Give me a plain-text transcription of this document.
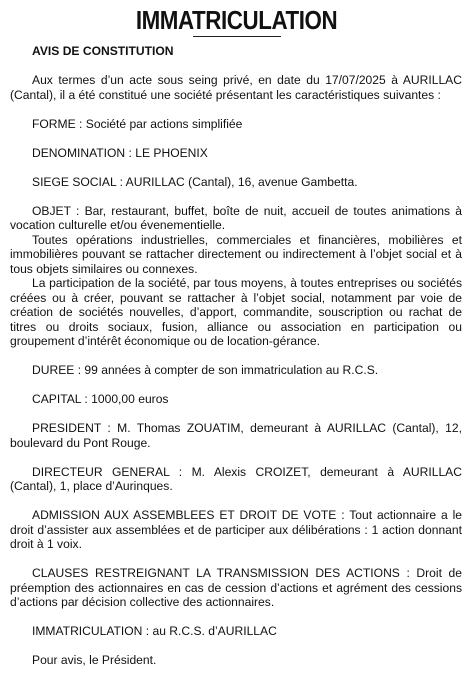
IMMATRICULATION

AVIS DE CONSTITUTION

Aux termes d’un acte sous seing privé, en date du 17/07/2025 à AURILLAC (Cantal), il a été constitué une société présentant les caractéristiques suivantes :

FORME : Société par actions simplifiée

DENOMINATION : LE PHOENIX

SIEGE SOCIAL : AURILLAC (Cantal), 16, avenue Gambetta.

OBJET : Bar, restaurant, buffet, boîte de nuit, accueil de toutes animations à vocation culturelle et/ou évenementielle.

Toutes opérations industrielles, commerciales et financières, mobilières et immobilières pouvant se rattacher directement ou indirectement à l’objet social et à tous objets similaires ou connexes.

La participation de la société, par tous moyens, à toutes entreprises ou sociétés créées ou à créer, pouvant se rattacher à l’objet social, notamment par voie de création de sociétés nouvelles, d’apport, commandite, souscription ou rachat de titres ou droits sociaux, fusion, alliance ou association en participation ou groupement d’intérêt économique ou de location-gérance.

DUREE : 99 années à compter de son immatriculation au R.C.S.

CAPITAL : 1000,00 euros

PRESIDENT : M. Thomas ZOUATIM, demeurant à AURILLAC (Cantal), 12, boulevard du Pont Rouge.

DIRECTEUR GENERAL : M. Alexis CROIZET, demeurant à AURILLAC (Cantal), 1, place d’Aurinques.

ADMISSION AUX ASSEMBLEES ET DROIT DE VOTE : Tout actionnaire a le droit d’assister aux assemblées et de participer aux délibérations : 1 action donnant droit à 1 voix.

CLAUSES RESTREIGNANT LA TRANSMISSION DES ACTIONS : Droit de préemption des actionnaires en cas de cession d’actions et agrément des cessions d’actions par décision collective des actionnaires.

IMMATRICULATION : au R.C.S. d’AURILLAC

Pour avis, le Président.
